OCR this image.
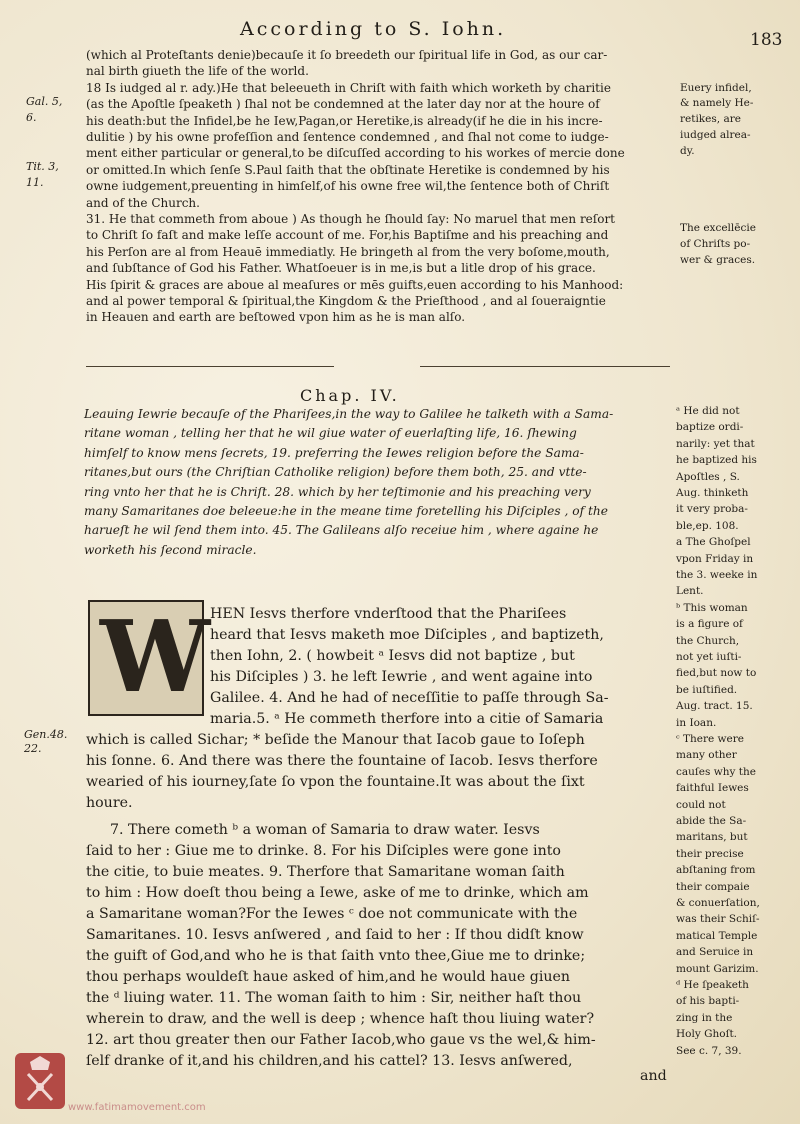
According to S. Iohn.	183
(which al Proteſtants denie)becauſe it ſo breedeth our ſpiritual life in God, as our car-
nal birth giueth the life of the world.
18 Is iudged al r. ady.)He that beleeueth in Chriſt with faith which worketh by charitie
(as the Apoſtle ſpeaketh ) ſhal not be condemned at the later day nor at the houre of
his death:but the Infidel,be he Iew,Pagan,or Heretike,is already(if he die in his incre-
dulitie ) by his owne profeſſion and ſentence condemned , and ſhal not come to iudge-
ment either particular or general,to be diſcuſſed according to his workes of mercie done
or omitted.In which ſenſe S.Paul ſaith that the obſtinate Heretike is condemned by his
owne iudgement,preuenting in himſelf,of his owne free wil,the ſentence both of Chriſt
and of the Church.
31. He that commeth from aboue ) As though he ſhould ſay: No maruel that men reſort
to Chriſt ſo faſt and make leſſe account of me. For,his Baptiſme and his preaching and
his Perſon are al from Heauē immediatly. He bringeth al from the very boſome,mouth,
and ſubſtance of God his Father. Whatſoeuer is in me,is but a litle drop of his grace.
His ſpirit & graces are aboue al meaſures or mēs guifts,euen according to his Manhood:
and al power temporal & ſpiritual,the Kingdom & the Prieſthood , and al ſoueraigntie
in Heauen and earth are beſtowed vpon him as he is man alſo.
Gal. 5,
6.
Tit. 3,
11.
Euery infidel,
& namely He-
retikes, are
iudged alrea-
dy.
The excellēcie
of Chriſts po-
wer & graces.
Chap. IV.
Leauing Iewrie becauſe of the Phariſees,in the way to Galilee he talketh with a Sama-
ritane woman , telling her that he wil giue water of euerlaſting life, 16. ſhewing
himſelf to know mens ſecrets, 19. preferring the Iewes religion before the Sama-
ritanes,but ours (the Chriſtian Catholike religion) before them both, 25. and vtte-
ring vnto her that he is Chriſt. 28. which by her teſtimonie and his preaching very
many Samaritanes doe beleeue:he in the meane time foretelling his Diſciples , of the
harueſt he wil ſend them into. 45. The Galileans alſo receiue him , where againe he
worketh his ſecond miracle.
W HEN Iesvs therfore vnderſtood that the Phariſees
heard that Iesvs maketh moe Diſciples , and baptizeth,
then Iohn, 2. ( howbeit ᵃ Iesvs did not baptize , but
his Diſciples ) 3. he left Iewrie , and went againe into
Galilee. 4. And he had of neceſſitie to paſſe through Sa-
maria.5. ᵃ He commeth therfore into a citie of Samaria
which is called Sichar; * beſide the Manour that Iacob gaue to Ioſeph
his ſonne. 6. And there was there the fountaine of Iacob. Iesvs therfore
wearied of his iourney,ſate ſo vpon the fountaine.It was about the ſixt
houre.
7. There cometh ᵇ a woman of Samaria to draw water. Iesvs
ſaid to her : Giue me to drinke. 8. For his Diſciples were gone into
the citie, to buie meates. 9. Therfore that Samaritane woman ſaith
to him : How doeſt thou being a Iewe, aske of me to drinke, which am
a Samaritane woman?For the Iewes ᶜ doe not communicate with the
Samaritanes. 10. Iesvs anſwered , and ſaid to her : If thou didſt know
the guift of God,and who he is that ſaith vnto thee,Giue me to drinke;
thou perhaps wouldeſt haue asked of him,and he would haue giuen
the ᵈ liuing water. 11. The woman ſaith to him : Sir, neither haſt thou
wherein to draw, and the well is deep ; whence haſt thou liuing water?
12. art thou greater then our Father Iacob,who gaue vs the wel,& him-
ſelf dranke of it,and his children,and his cattel? 13. Iesvs anſwered,
and
Gen.48.
22.
ᵃ He did not
baptize ordi-
narily: yet that
he baptized his
Apoſtles , S.
Aug. thinketh
it very proba-
ble,ep. 108.
a The Ghoſpel
vpon Friday in
the 3. weeke in
Lent.
ᵇ This woman
is a figure of
the Church,
not yet iuſti-
fied,but now to
be iuſtified.
Aug. tract. 15.
in Ioan.
ᶜ There were
many other
cauſes why the
faithful Iewes
could not
abide the Sa-
maritans, but
their precise
abſtaning from
their compaie
& conuerſation,
was their Schiſ-
matical Temple
and Seruice in
mount Garizim.
ᵈ He ſpeaketh
of his bapti-
zing in the
Holy Ghoſt.
See c. 7, 39.
www.fatimamovement.com
